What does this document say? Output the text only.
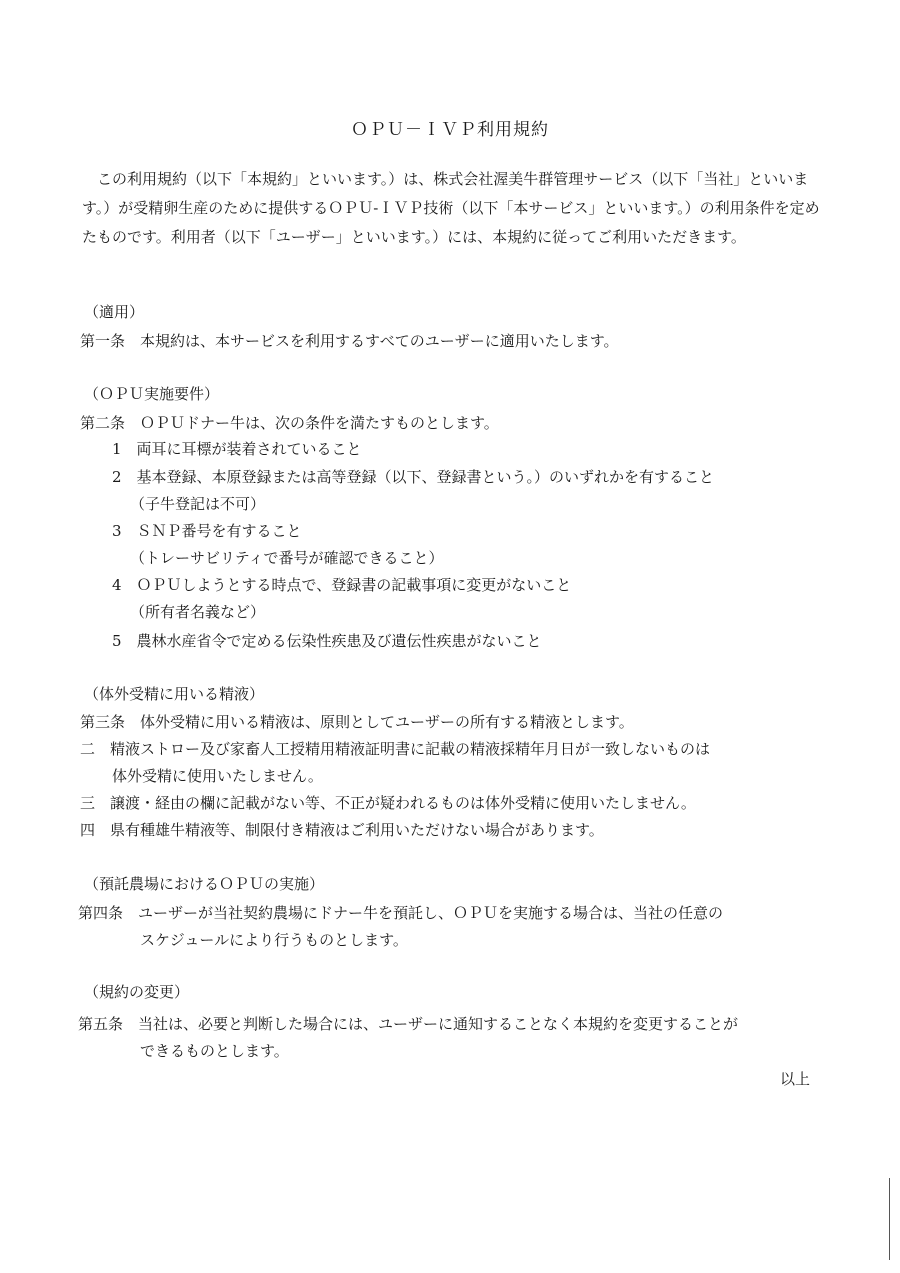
ＯＰＵ－ＩＶＰ利用規約

この利用規約（以下「本規約」といいます。）は、株式会社渥美牛群管理サービス（以下「当社」といいます。）が受精卵生産のために提供するＯＰＵ-ＩＶＰ技術（以下「本サービス」といいます。）の利用条件を定めたものです。利用者（以下「ユーザー」といいます。）には、本規約に従ってご利用いただきます。

（適用）
第一条　本規約は、本サービスを利用するすべてのユーザーに適用いたします。
（ＯＰＵ実施要件）
第二条　ＯＰＵドナー牛は、次の条件を満たすものとします。
1　両耳に耳標が装着されていること
2　基本登録、本原登録または高等登録（以下、登録書という。）のいずれかを有すること
（子牛登記は不可）
3　ＳＮＰ番号を有すること
（トレーサビリティで番号が確認できること）
4　ＯＰＵしようとする時点で、登録書の記載事項に変更がないこと
（所有者名義など）
5　農林水産省令で定める伝染性疾患及び遺伝性疾患がないこと
（体外受精に用いる精液）
第三条　体外受精に用いる精液は、原則としてユーザーの所有する精液とします。
二　精液ストロー及び家畜人工授精用精液証明書に記載の精液採精年月日が一致しないものは
体外受精に使用いたしません。
三　譲渡・経由の欄に記載がない等、不正が疑われるものは体外受精に使用いたしません。
四　県有種雄牛精液等、制限付き精液はご利用いただけない場合があります。
（預託農場におけるＯＰＵの実施）
第四条　ユーザーが当社契約農場にドナー牛を預託し、ＯＰＵを実施する場合は、当社の任意の
スケジュールにより行うものとします。
（規約の変更）
第五条　当社は、必要と判断した場合には、ユーザーに通知することなく本規約を変更することが
できるものとします。
以上
